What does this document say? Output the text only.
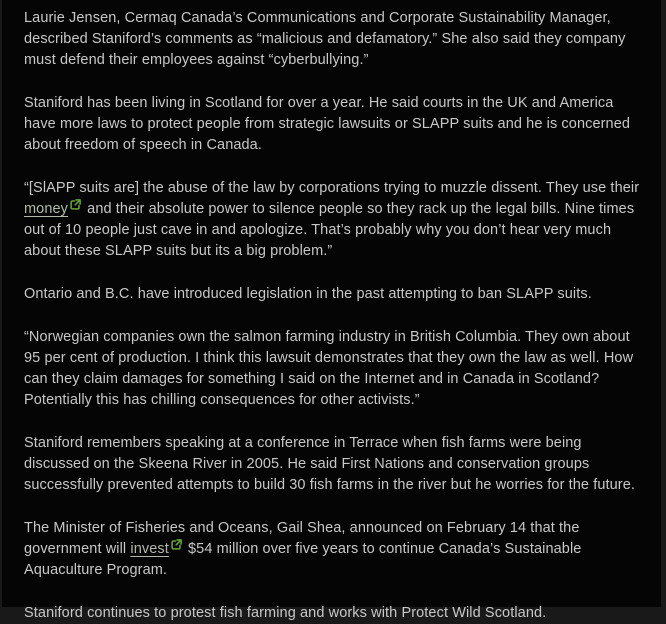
Laurie Jensen, Cermaq Canada’s Communications and Corporate Sustainability Manager, described Staniford’s comments as “malicious and defamatory.” She also said they company must defend their employees against “cyberbullying.”

Staniford has been living in Scotland for over a year. He said courts in the UK and America have more laws to protect people from strategic lawsuits or SLAPP suits and he is concerned about freedom of speech in Canada.

“[SlAPP suits are] the abuse of the law by corporations trying to muzzle dissent. They use their money and their absolute power to silence people so they rack up the legal bills. Nine times out of 10 people just cave in and apologize. That’s probably why you don’t hear very much about these SLAPP suits but its a big problem.”

Ontario and B.C. have introduced legislation in the past attempting to ban SLAPP suits.

“Norwegian companies own the salmon farming industry in British Columbia. They own about 95 per cent of production. I think this lawsuit demonstrates that they own the law as well. How can they claim damages for something I said on the Internet and in Canada in Scotland? Potentially this has chilling consequences for other activists.”

Staniford remembers speaking at a conference in Terrace when fish farms were being discussed on the Skeena River in 2005. He said First Nations and conservation groups successfully prevented attempts to build 30 fish farms in the river but he worries for the future.

The Minister of Fisheries and Oceans, Gail Shea, announced on February 14 that the government will invest $54 million over five years to continue Canada’s Sustainable Aquaculture Program.

Staniford continues to protest fish farming and works with Protect Wild Scotland.
